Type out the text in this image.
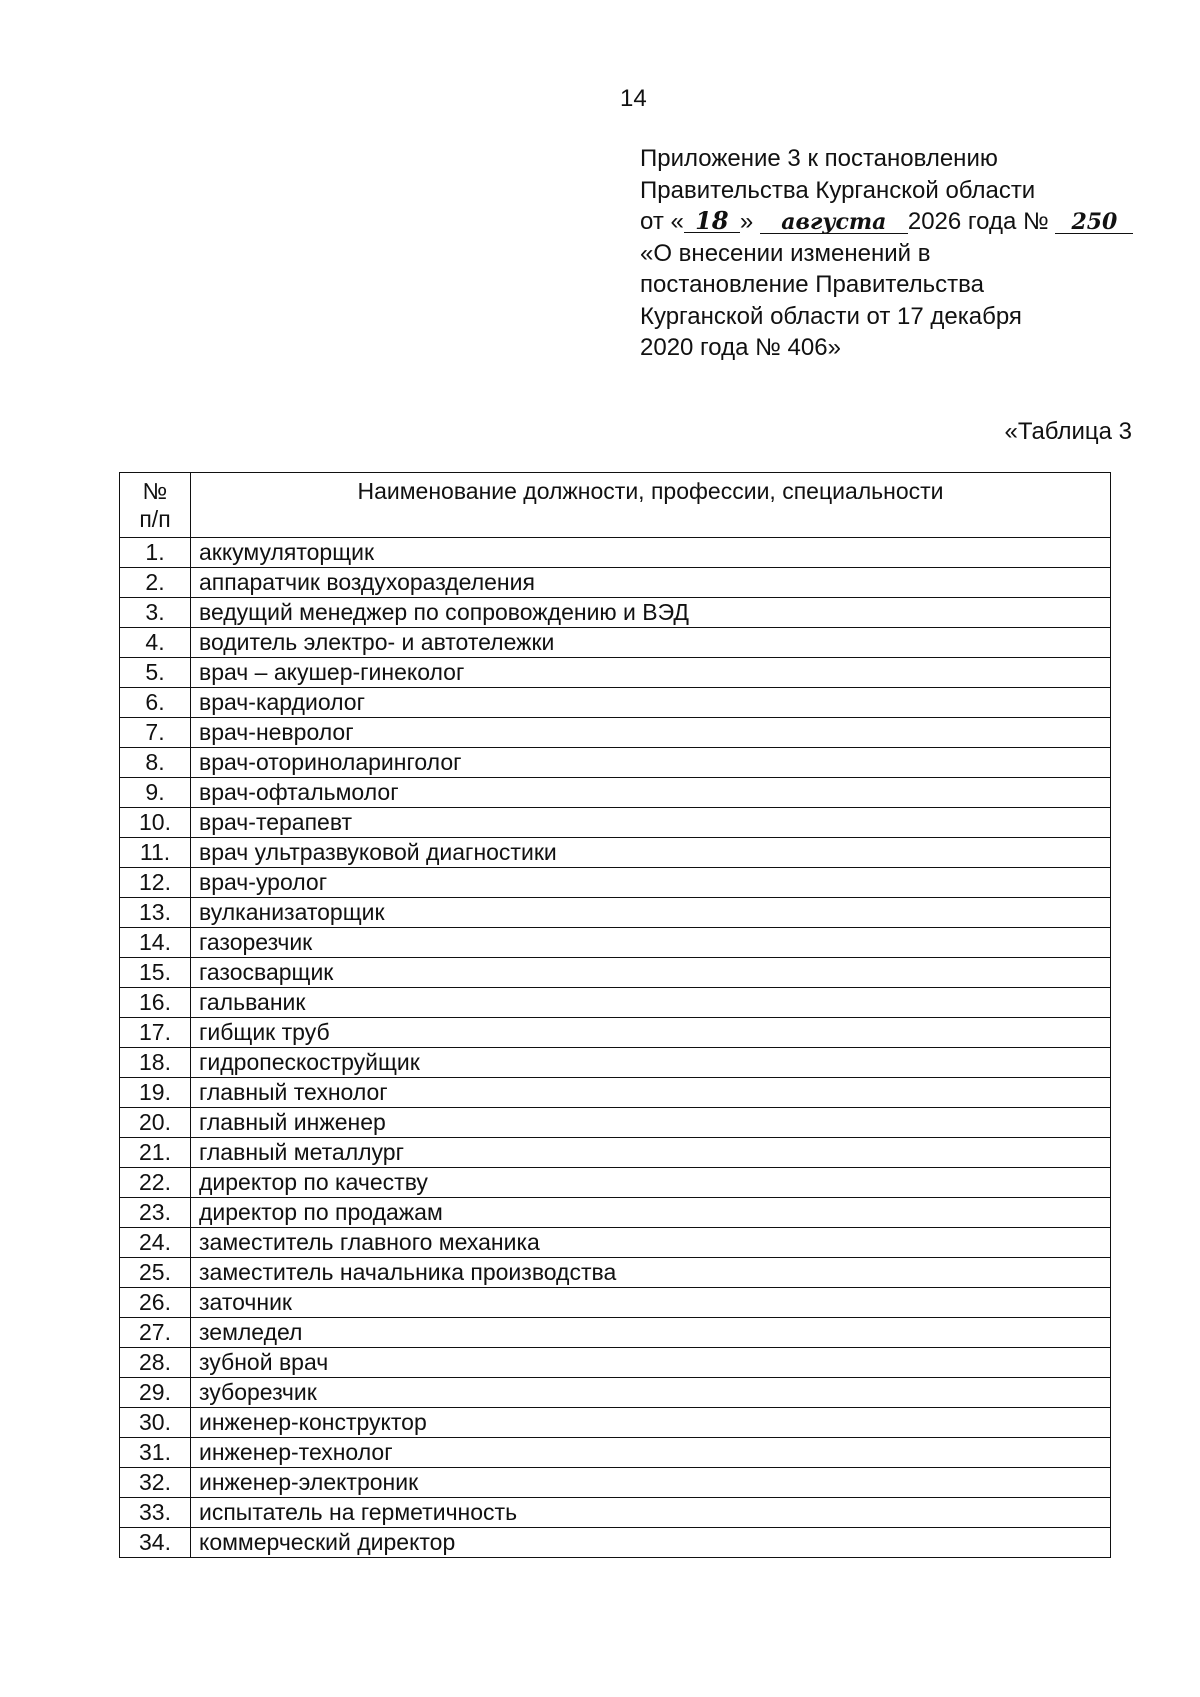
14
Приложение 3 к постановлению
Правительства Курганской области
от « 18 » августа 2026 года № 250
«О внесении изменений в
постановление Правительства
Курганской области от 17 декабря
2020 года № 406»
«Таблица 3
№
п/п	Наименование должности, профессии, специальности
1.	аккумуляторщик
2.	аппаратчик воздухоразделения
3.	ведущий менеджер по сопровождению и ВЭД
4.	водитель электро- и автотележки
5.	врач – акушер-гинеколог
6.	врач-кардиолог
7.	врач-невролог
8.	врач-оториноларинголог
9.	врач-офтальмолог
10.	врач-терапевт
11.	врач ультразвуковой диагностики
12.	врач-уролог
13.	вулканизаторщик
14.	газорезчик
15.	газосварщик
16.	гальваник
17.	гибщик труб
18.	гидропескоструйщик
19.	главный технолог
20.	главный инженер
21.	главный металлург
22.	директор по качеству
23.	директор по продажам
24.	заместитель главного механика
25.	заместитель начальника производства
26.	заточник
27.	земледел
28.	зубной врач
29.	зуборезчик
30.	инженер-конструктор
31.	инженер-технолог
32.	инженер-электроник
33.	испытатель на герметичность
34.	коммерческий директор
